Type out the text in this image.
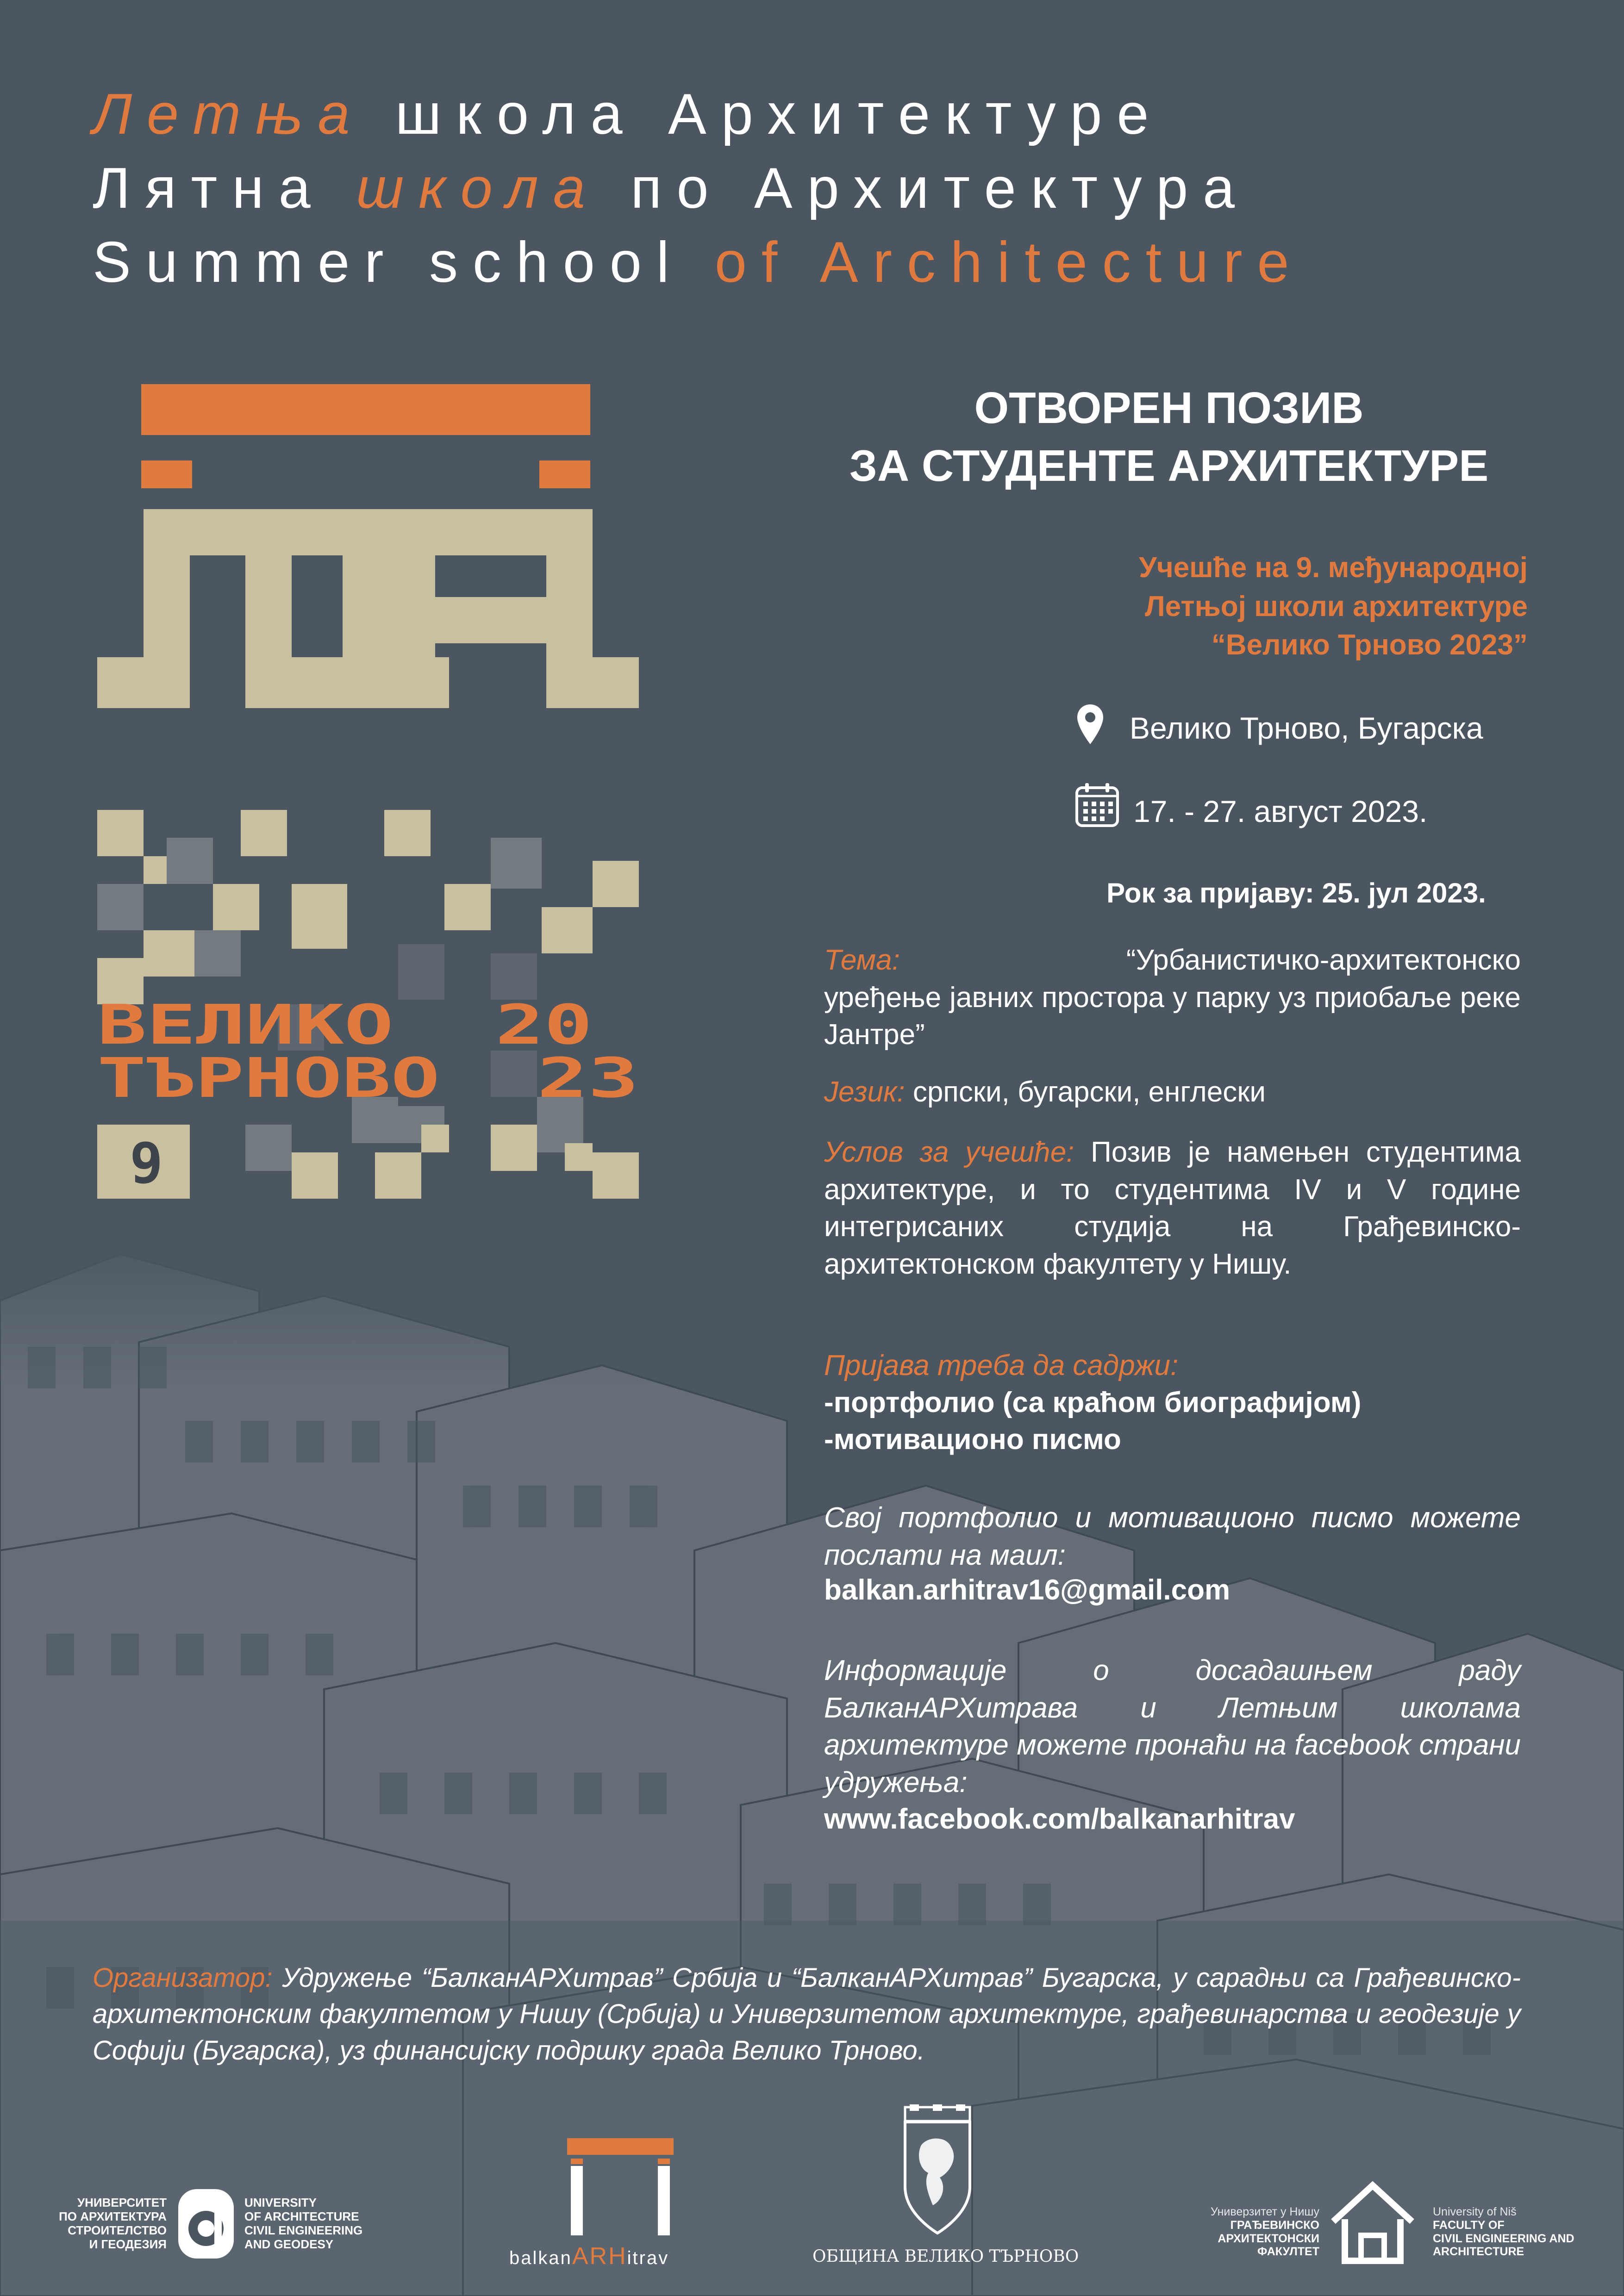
Летња школа Архитектуре
Лятна школа по Архитектура
Summer school of Architecture
ВЕЛИКО
ТЪРНОВО
20
23
9
ОТВОРЕН ПОЗИВ
ЗА СТУДЕНТЕ АРХИТЕКТУРЕ
Учешће на 9. међународној
Летњој школи архитектуре
“Велико Трново 2023”
Велико Трново, Бугарска
17. - 27. август 2023.
Рок за пријаву: 25. јул 2023.
Тема:	“Урбанистичко-архитектонско уређење јавних простора у парку уз приобаље реке Јантре”
Језик: српски, бугарски, енглески
Услов за учешће: Позив је намењен студентима архитектуре, и то студентима IV и V године интегрисаних студија на Грађевинско-архитектонском факултету у Нишу.
Пријава треба да садржи:
-портфолио (са краћом биографијом)
-мотивационо писмо
Свој портфолио и мотивационо писмо можете послати на маил:
balkan.arhitrav16@gmail.com
Информације о досадашњем раду БалканАРХитрава и Летњим школама архитектуре можете пронаћи на facebook страни удружења:
www.facebook.com/balkanarhitrav
Организатор: Удружење “БалканАРХитрав” Србија и “БалканАРХитрав” Бугарска, у сарадњи са Грађевинско-архитектонским факултетом у Нишу (Србија) и Универзитетом архитектуре, грађевинарства и геодезије у Софији (Бугарска), уз финансијску подршку града Велико Трново.
УНИВЕРСИТЕТ
ПО АРХИТЕКТУРА
СТРОИТЕЛСТВО
И ГЕОДЕЗИЯ
UNIVERSITY
OF ARCHITECTURE
CIVIL ENGINEERING
AND GEODESY
balkanARHitrav	ОБЩИНА ВЕЛИКО ТЪРНОВО
Универзитет у Нишу
ГРАЂЕВИНСКО
АРХИТЕКТОНСКИ
ФАКУЛТЕТ
University of Niš
FACULTY OF
CIVIL ENGINEERING AND
ARCHITECTURE
